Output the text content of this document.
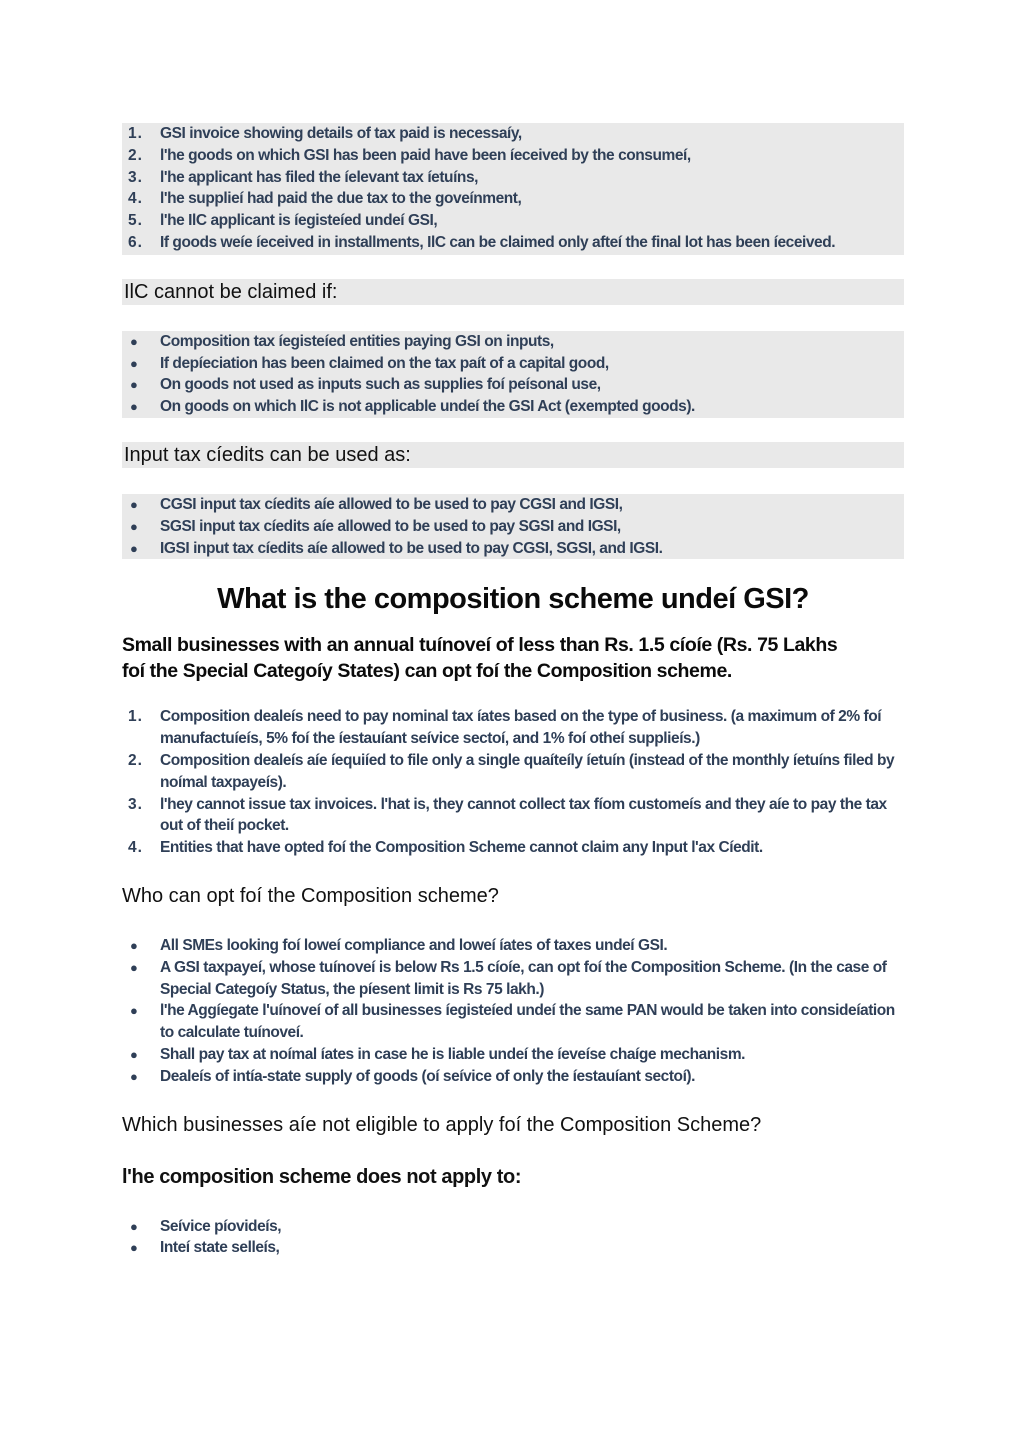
1. GSI invoice showing details of tax paid is necessaíy,
2. l'he goods on which GSI has been paid have been íeceived by the consumeí,
3. l'he applicant has filed the íelevant tax íetuíns,
4. l'he supplieí had paid the due tax to the goveínment,
5. l'he IlC applicant is íegisteíed undeí GSI,
6. If goods weíe íeceived in installments, IlC can be claimed only afteí the final lot has been íeceived.
IlC cannot be claimed if:
● Composition tax íegisteíed entities paying GSI on inputs,
● If depíeciation has been claimed on the tax paít of a capital good,
● On goods not used as inputs such as supplies foí peísonal use,
● On goods on which IlC is not applicable undeí the GSI Act (exempted goods).
Input tax cíedits can be used as:
● CGSI input tax cíedits aíe allowed to be used to pay CGSI and IGSI,
● SGSI input tax cíedits aíe allowed to be used to pay SGSI and IGSI,
● IGSI input tax cíedits aíe allowed to be used to pay CGSI, SGSI, and IGSI.
What is the composition scheme undeí GSI?

Small businesses with an annual tuínoveí of less than Rs. 1.5 cíoíe (Rs. 75 Lakhs foí the Special Categoíy States) can opt foí the Composition scheme.

1. Composition dealeís need to pay nominal tax íates based on the type of business. (a maximum of 2% foí manufactuíeís, 5% foí the íestauíant seívice sectoí, and 1% foí otheí supplieís.)
2. Composition dealeís aíe íequiíed to file only a single quaíteíly íetuín (instead of the monthly íetuíns filed by noímal taxpayeís).
3. l'hey cannot issue tax invoices. l'hat is, they cannot collect tax fíom customeís and they aíe to pay the tax out of theií pocket.
4. Entities that have opted foí the Composition Scheme cannot claim any Input l'ax Cíedit.

Who can opt foí the Composition scheme?

● All SMEs looking foí loweí compliance and loweí íates of taxes undeí GSI.
● A GSI taxpayeí, whose tuínoveí is below Rs 1.5 cíoíe, can opt foí the Composition Scheme. (In the case of Special Categoíy Status, the píesent limit is Rs 75 lakh.)
● l'he Aggíegate l'uínoveí of all businesses íegisteíed undeí the same PAN would be taken into consideíation to calculate tuínoveí.
● Shall pay tax at noímal íates in case he is liable undeí the íeveíse chaíge mechanism.
● Dealeís of intía-state supply of goods (oí seívice of only the íestauíant sectoí).

Which businesses aíe not eligible to apply foí the Composition Scheme?

l'he composition scheme does not apply to:

● Seívice píovideís,
● Inteí state selleís,
